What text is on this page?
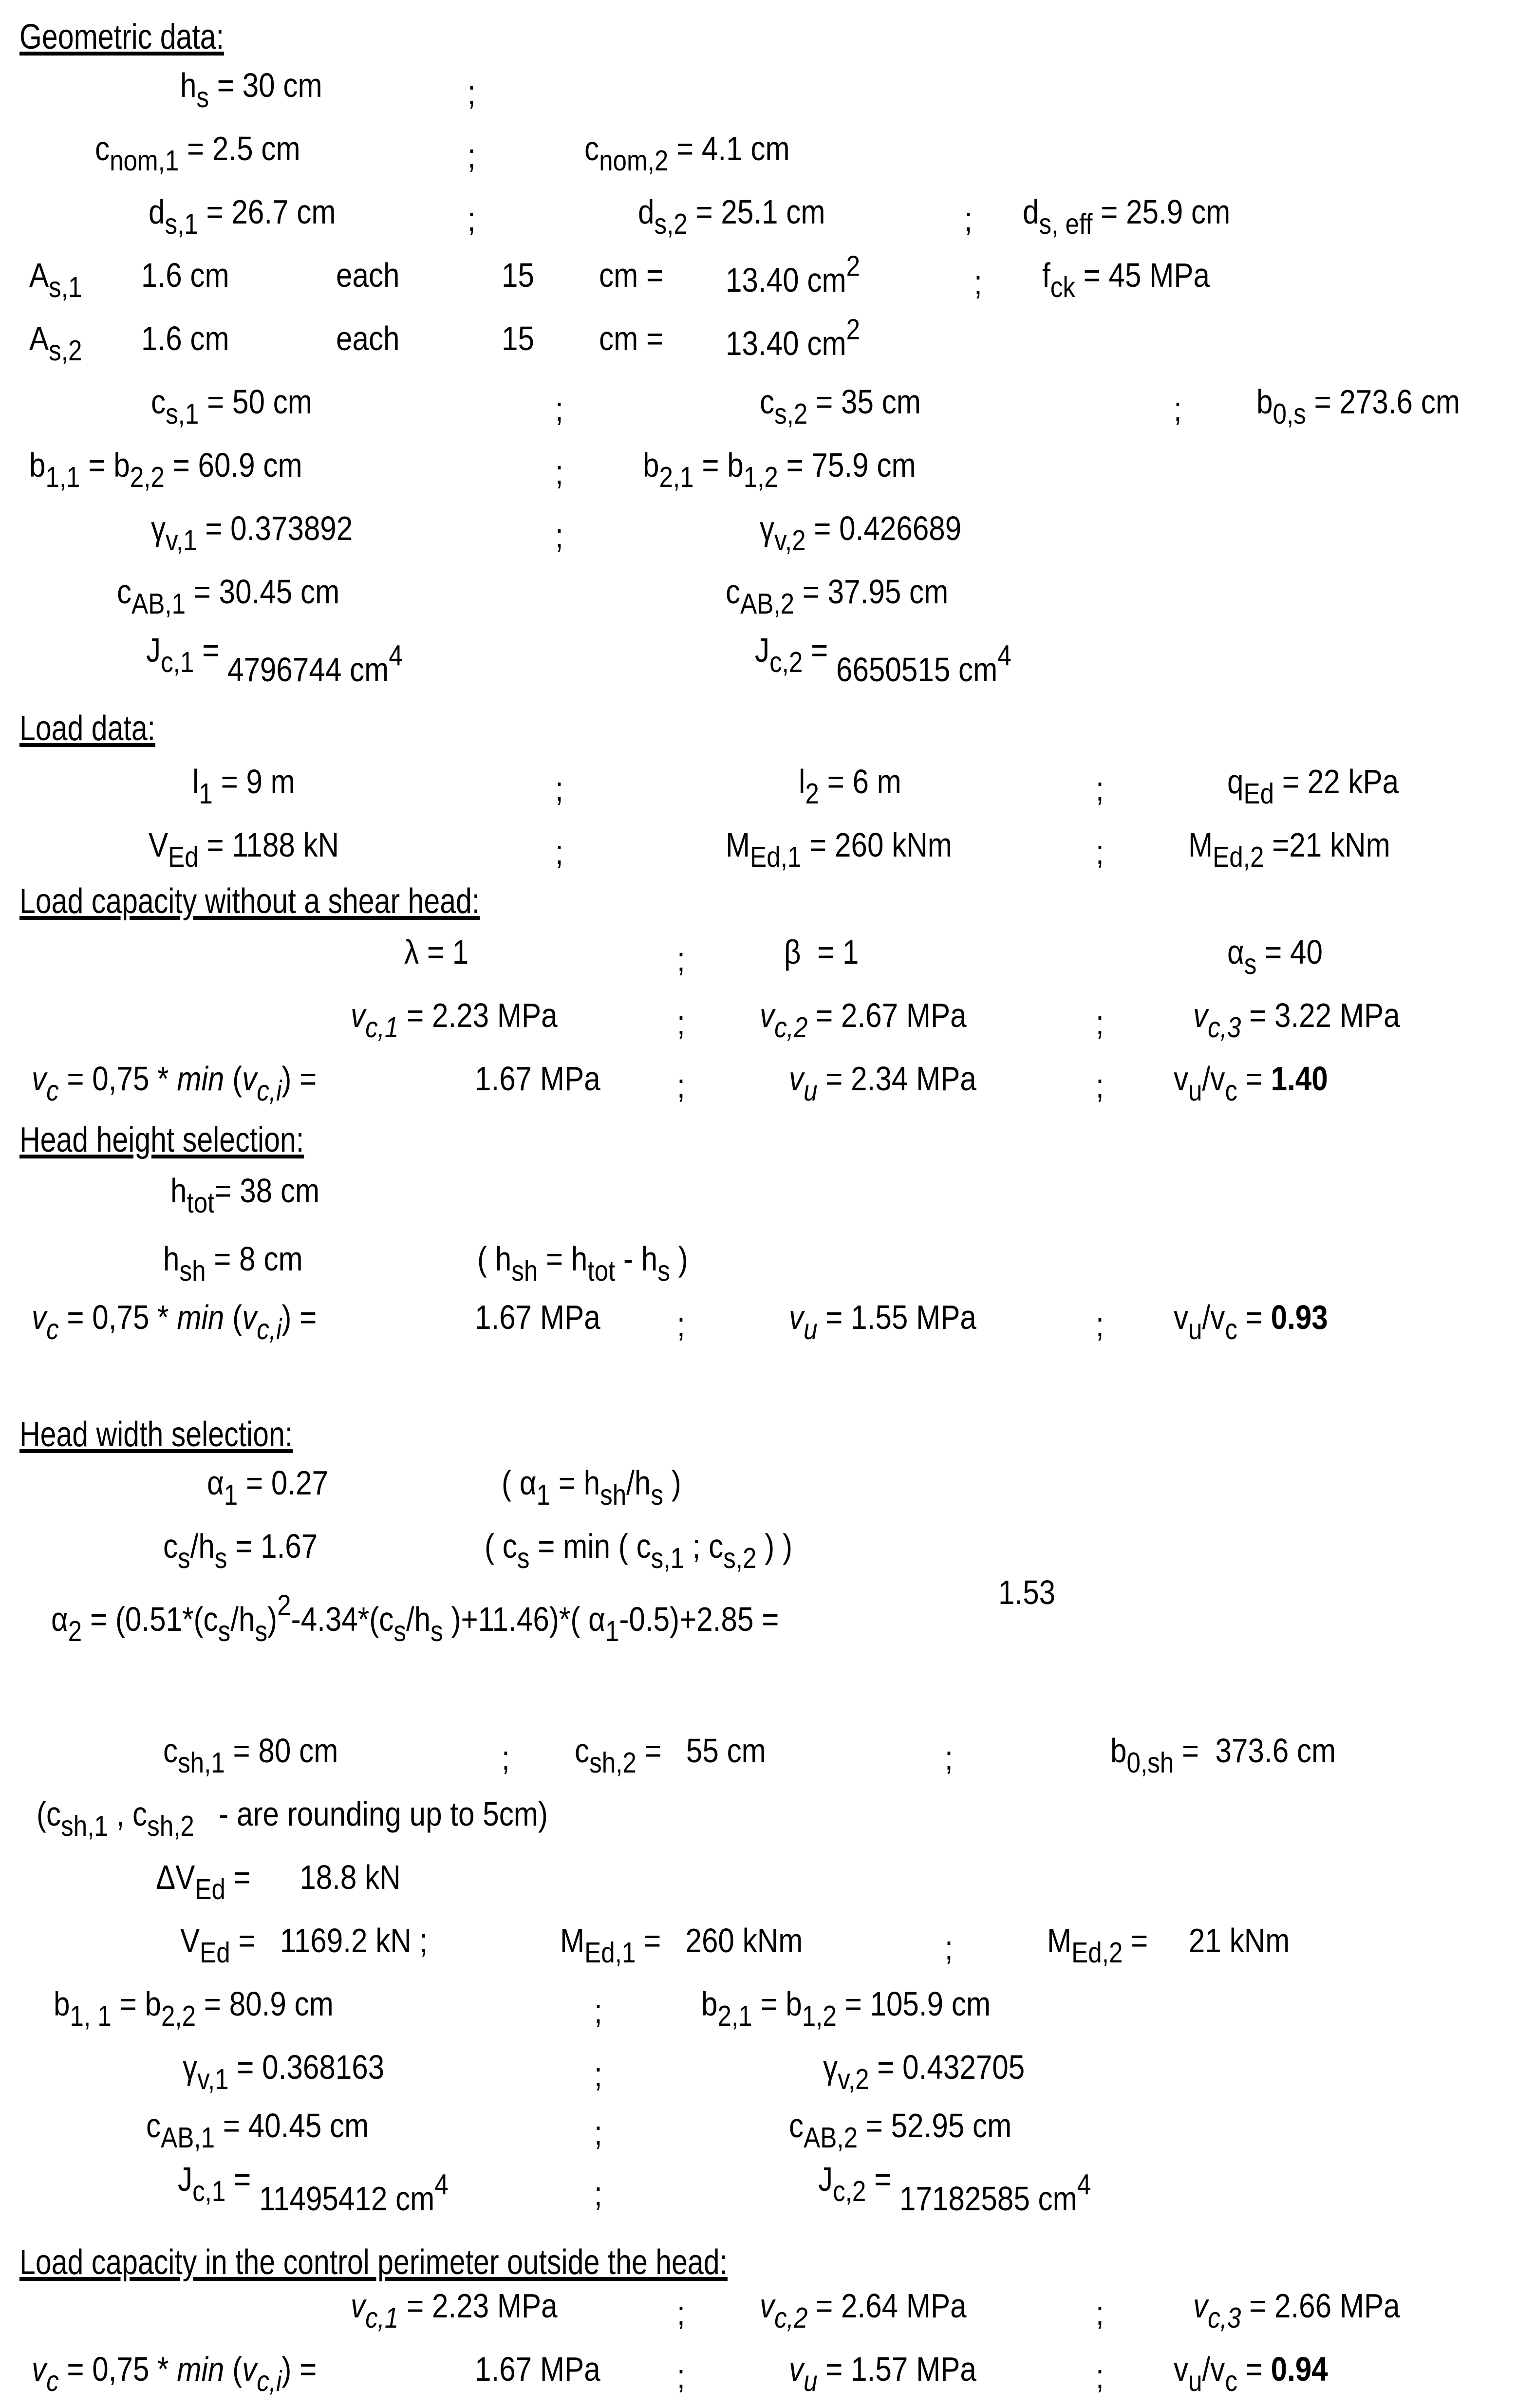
Geometric data:
$h_s = 30$ cm	;
$c_{nom,1} = 2.5$ cm	;	$c_{nom,2} = 4.1$ cm
$d_{s,1} = 26.7$ cm	;	$d_{s,2} = 25.1$ cm	; $d_{s, eff} = 25.9$ cm
$A_{s,1}$ 1.6 cm	each	15 cm = 13.40 $cm^2$	; $f_{ck} = 45$ MPa
$A_{s,2}$ 1.6 cm	each	15 cm = 13.40 $cm^2$
$c_{s,1} = 50$ cm	;	$c_{s,2} = 35$ cm	; $b_{0,s} = 273.6$ cm
$b_{1,1} = b_{2,2} = 60.9$ cm	; $b_{2,1} = b_{1,2} = 75.9$ cm
$\gamma_{v,1} = 0.373892$	;	$\gamma_{v,2} = 0.426689$
$c_{AB,1} = 30.45$ cm	$c_{AB,2} = 37.95$ cm
$J_{c,1} = 4796744$ $cm^4$	$J_{c,2} = 6650515$ $cm^4$
Load data:
$l_1 = 9$ m	;	$l_2 = 6$ m	;	$q_{Ed} = 22$ kPa
$V_{Ed} = 1188$ kN	;	$M_{Ed,1} = 260$ kNm	; $M_{Ed,2} =21$ kNm
Load capacity without a shear head:
λ = 1	;	β  = 1	$\alpha_s = 40$
$v_{c,1} = 2.23$ MPa	; $v_{c,2} = 2.67$ MPa	;	$v_{c,3} = 3.22$ MPa
$v_c = 0,75 * \min (v_{c,i})$ =	1.67 MPa ;	$v_u = 2.34$ MPa	; $v_u/v_c = 1.40$
Head height selection:
$h_{tot}= 38$ cm
$h_{sh} = 8$ cm	( $h_{sh} = h_{tot} - h_s$ )
$v_c = 0,75 * \min (v_{c,i})$ =	1.67 MPa ;	$v_u = 1.55$ MPa	; $v_u/v_c = 0.93$
Head width selection:
$\alpha_1 = 0.27$	( $\alpha_1 = h_{sh}/h_s$ )
$c_s/h_s = 1.67$	( $c_s = \min$ ( $c_{s,1}$ ; $c_{s,2}$ ) )
$\alpha_2 = (0.51*(c_s/h_s)^2-4.34*(c_s/h_s$ )+11.46)*( $\alpha_1-0.5)+2.85$ =
1.53
$c_{sh,1} = 80$ cm	; $c_{sh,2} = 55$ cm	;	$b_{0,sh} = 373.6$ cm
($c_{sh,1}$ , $c_{sh,2}$ - are rounding up to 5cm)
$\Delta V_{Ed}$ =      18.8 kN
$V_{Ed} = 1169.2$ kN ;	$M_{Ed,1} = 260$ kNm	;	$M_{Ed,2}$ =     21 kNm
$b_{1, 1} = b_{2,2} = 80.9$ cm	;	$b_{2,1} = b_{1,2} = 105.9$ cm
$\gamma_{v,1} = 0.368163$	;	$\gamma_{v,2} = 0.432705$
$c_{AB,1} = 40.45$ cm	;	$c_{AB,2} = 52.95$ cm
$J_{c,1} = 11495412$ $cm^4$	;	$J_{c,2} = 17182585$ $cm^4$
Load capacity in the control perimeter outside the head:
$v_{c,1} = 2.23$ MPa	; $v_{c,2} = 2.64$ MPa	;	$v_{c,3} = 2.66$ MPa
$v_c = 0,75 * \min (v_{c,i})$ =	1.67 MPa ;	$v_u = 1.57$ MPa	; $v_u/v_c = 0.94$
